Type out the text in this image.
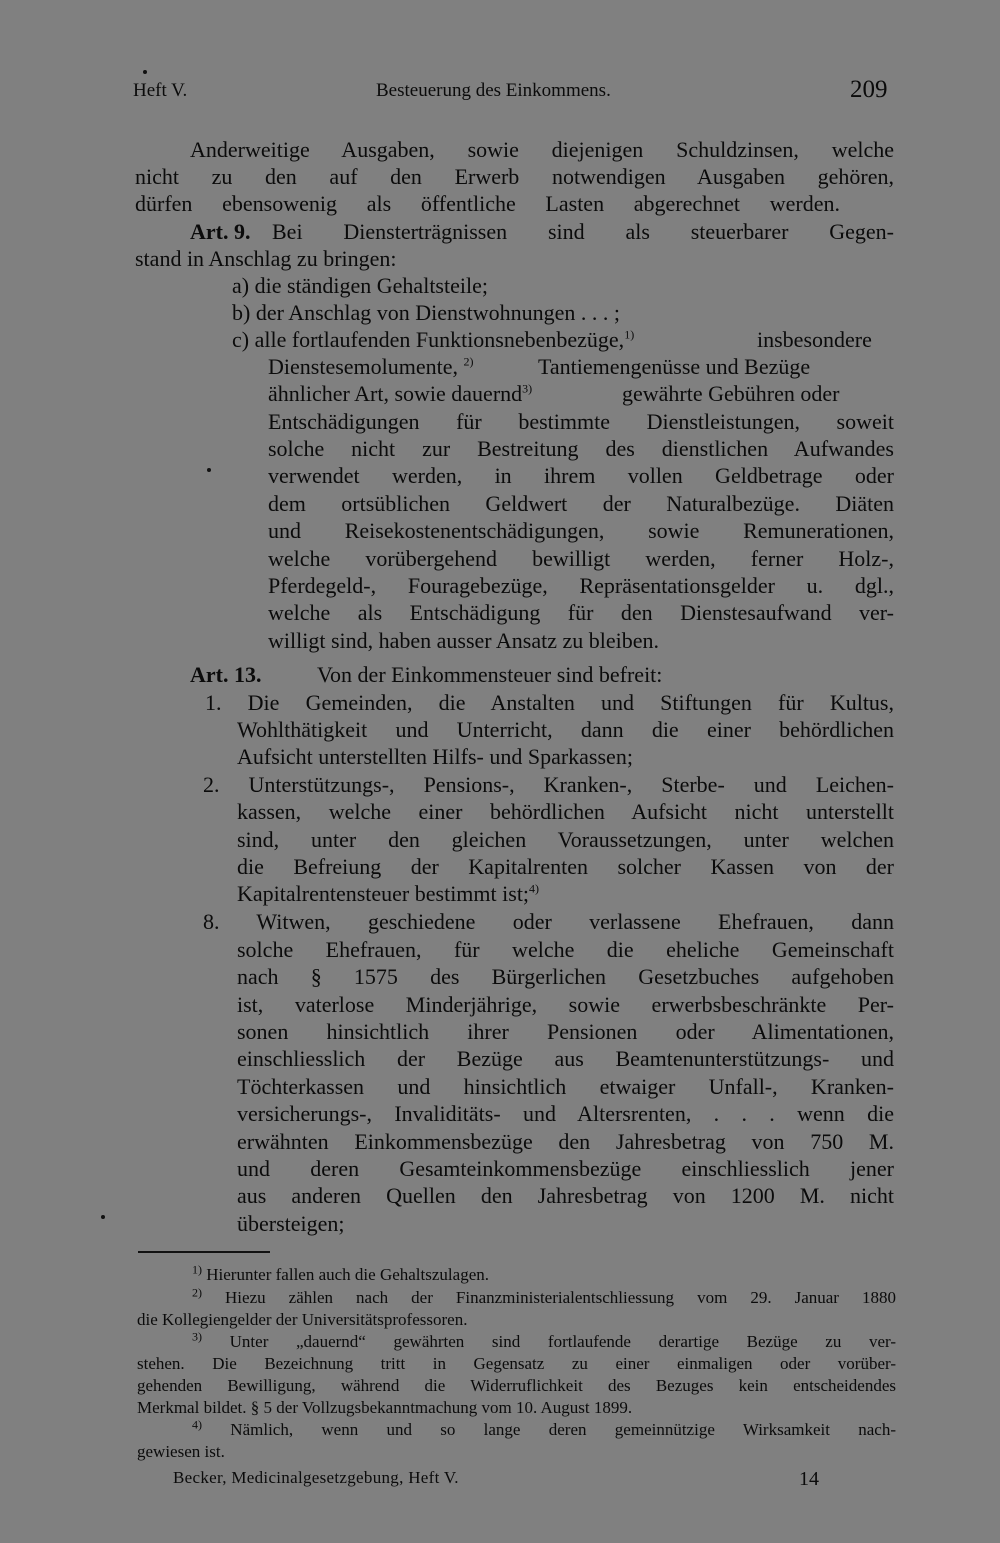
Heft V.	Besteuerung des Einkommens.	209
Anderweitige Ausgaben, sowie diejenigen Schuldzinsen, welche
nicht zu den auf den Erwerb notwendigen Ausgaben gehören,
dürfen ebensowenig als öffentliche Lasten abgerechnet werden.
Art. 9. Bei Diensterträgnissen sind als steuerbarer Gegen-
stand in Anschlag zu bringen:
a) die ständigen Gehaltsteile;
b) der Anschlag von Dienstwohnungen . . . ;
c) alle fortlaufenden Funktionsnebenbezüge,$^{1)}$	insbesondere
Dienstesemolumente, $^{2)}$	Tantiemengenüsse und Bezüge
ähnlicher Art, sowie dauernd$^{3)}$	gewährte Gebühren oder
Entschädigungen für bestimmte Dienstleistungen, soweit
solche nicht zur Bestreitung des dienstlichen Aufwandes
verwendet werden, in ihrem vollen Geldbetrage oder
dem ortsüblichen Geldwert der Naturalbezüge. Diäten
und Reisekostenentschädigungen, sowie Remunerationen,
welche vorübergehend bewilligt werden, ferner Holz-,
Pferdegeld-, Fouragebezüge, Repräsentationsgelder u. dgl.,
welche als Entschädigung für den Dienstesaufwand ver-
willigt sind, haben ausser Ansatz zu bleiben.
Art. 13.	Von der Einkommensteuer sind befreit:
1. Die Gemeinden, die Anstalten und Stiftungen für Kultus,
Wohlthätigkeit und Unterricht, dann die einer behördlichen
Aufsicht unterstellten Hilfs- und Sparkassen;
2. Unterstützungs-, Pensions-, Kranken-, Sterbe- und Leichen-
kassen, welche einer behördlichen Aufsicht nicht unterstellt
sind, unter den gleichen Voraussetzungen, unter welchen
die Befreiung der Kapitalrenten solcher Kassen von der
Kapitalrentensteuer bestimmt ist;$^{4)}$
8. Witwen, geschiedene oder verlassene Ehefrauen, dann
solche Ehefrauen, für welche die eheliche Gemeinschaft
nach § 1575 des Bürgerlichen Gesetzbuches aufgehoben
ist, vaterlose Minderjährige, sowie erwerbsbeschränkte Per-
sonen hinsichtlich ihrer Pensionen oder Alimentationen,
einschliesslich der Bezüge aus Beamtenunterstützungs- und
Töchterkassen und hinsichtlich etwaiger Unfall-, Kranken-
versicherungs-, Invaliditäts- und Altersrenten, . . . wenn die
erwähnten Einkommensbezüge den Jahresbetrag von 750 M.
und deren Gesamteinkommensbezüge einschliesslich jener
aus anderen Quellen den Jahresbetrag von 1200 M. nicht
übersteigen;
$^{1)}$ Hierunter fallen auch die Gehaltszulagen.
$^{2)}$ Hiezu zählen nach der Finanzministerialentschliessung vom 29. Januar 1880
die Kollegiengelder der Universitätsprofessoren.
$^{3)}$ Unter „dauernd“ gewährten sind fortlaufende derartige Bezüge zu ver-
stehen. Die Bezeichnung tritt in Gegensatz zu einer einmaligen oder vorüber-
gehenden Bewilligung, während die Widerruflichkeit des Bezuges kein entscheidendes
Merkmal bildet. § 5 der Vollzugsbekanntmachung vom 10. August 1899.
$^{4)}$ Nämlich, wenn und so lange deren gemeinnützige Wirksamkeit nach-
gewiesen ist.
Becker, Medicinalgesetzgebung, Heft V.	14
